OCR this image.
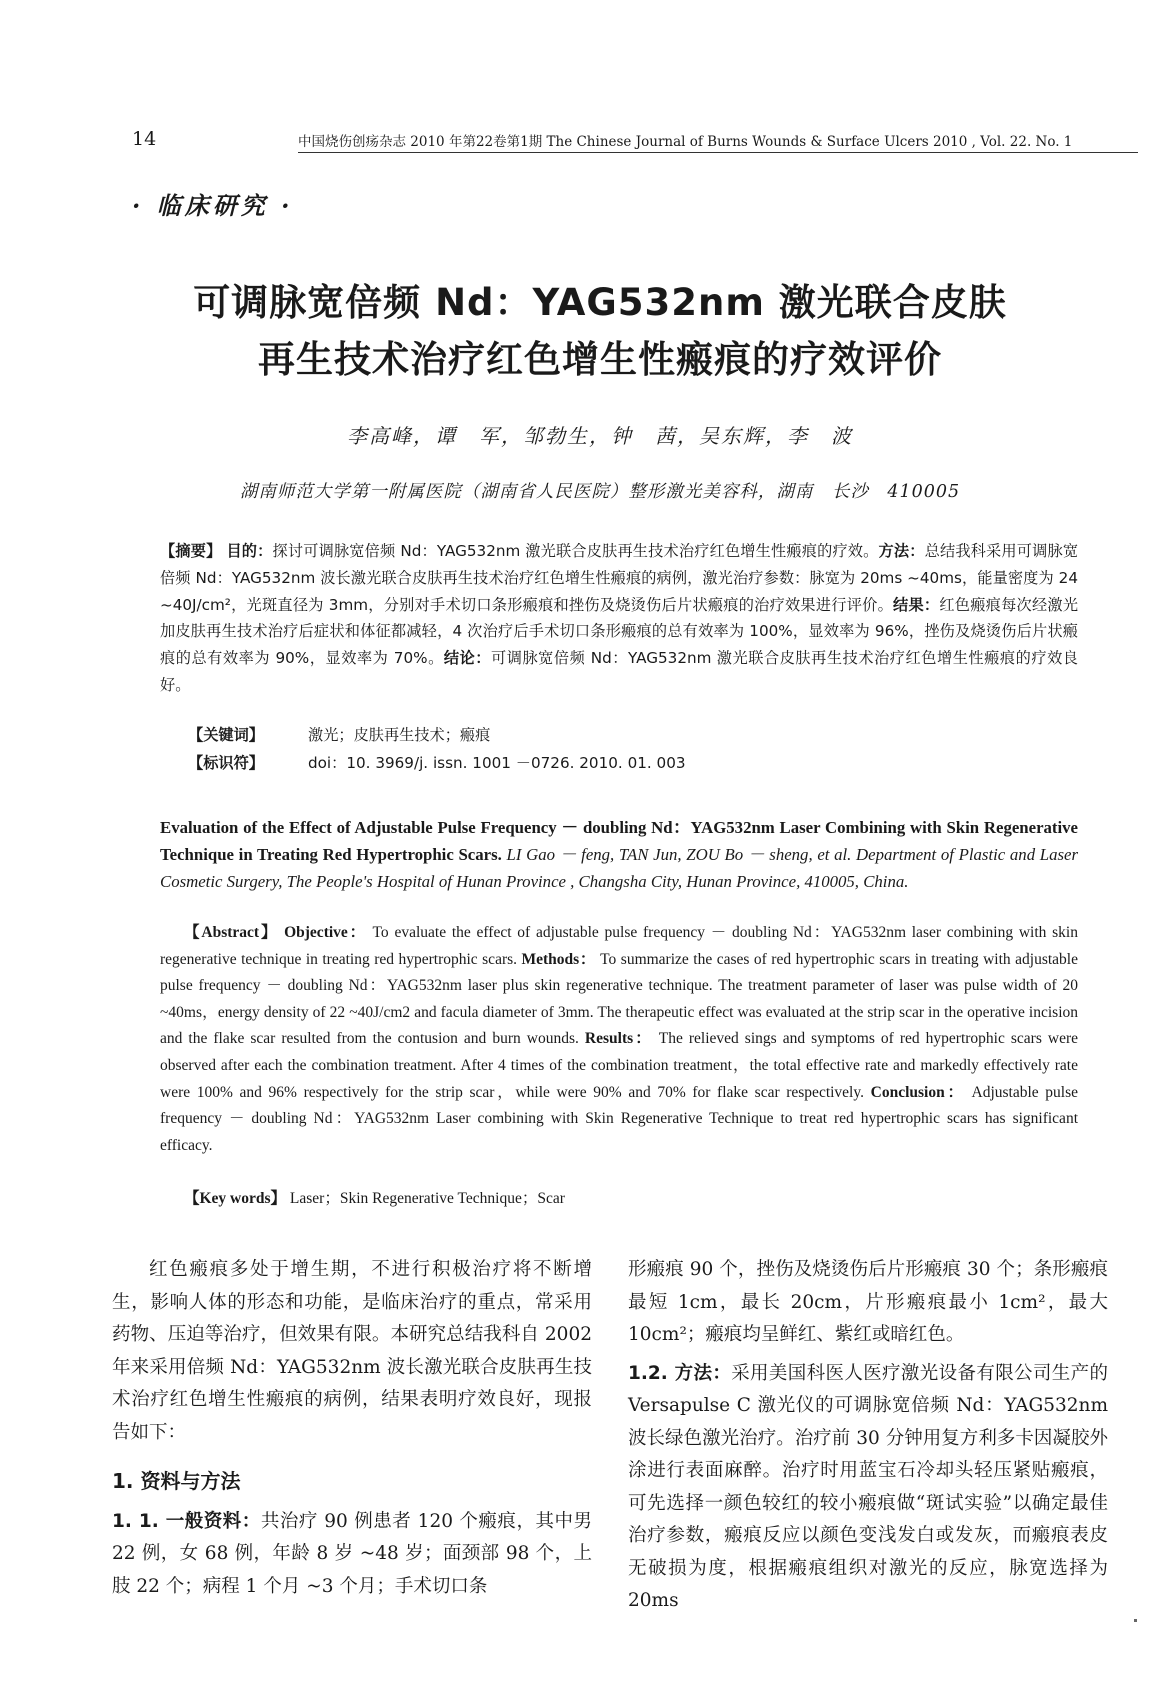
14	中国烧伤创疡杂志 2010 年第22卷第1期 The Chinese Journal of Burns Wounds & Surface Ulcers 2010 , Vol. 22. No. 1
· 临床研究 ·
可调脉宽倍频 Nd：YAG532nm 激光联合皮肤
再生技术治疗红色增生性瘢痕的疗效评价
李高峰，谭　军，邹勃生，钟　茜，吴东辉，李　波
湖南师范大学第一附属医院（湖南省人民医院）整形激光美容科，湖南　长沙　410005
【摘要】 目的：探讨可调脉宽倍频 Nd：YAG532nm 激光联合皮肤再生技术治疗红色增生性瘢痕的疗效。方法：总结我科采用可调脉宽倍频 Nd：YAG532nm 波长激光联合皮肤再生技术治疗红色增生性瘢痕的病例，激光治疗参数：脉宽为 20ms ~40ms，能量密度为 24 ~40J/cm²，光斑直径为 3mm，分别对手术切口条形瘢痕和挫伤及烧烫伤后片状瘢痕的治疗效果进行评价。结果：红色瘢痕每次经激光加皮肤再生技术治疗后症状和体征都减轻，4 次治疗后手术切口条形瘢痕的总有效率为 100%，显效率为 96%，挫伤及烧烫伤后片状瘢痕的总有效率为 90%，显效率为 70%。结论：可调脉宽倍频 Nd：YAG532nm 激光联合皮肤再生技术治疗红色增生性瘢痕的疗效良好。
【关键词】	激光；皮肤再生技术；瘢痕
【标识符】	doi：10. 3969/j. issn. 1001 －0726. 2010. 01. 003
Evaluation of the Effect of Adjustable Pulse Frequency － doubling Nd：YAG532nm Laser Combining with Skin Regenerative Technique in Treating Red Hypertrophic Scars. LI Gao － feng, TAN Jun, ZOU Bo － sheng, et al. Department of Plastic and Laser Cosmetic Surgery, The People's Hospital of Hunan Province , Changsha City, Hunan Province, 410005, China.
【Abstract】 Objective： To evaluate the effect of adjustable pulse frequency － doubling Nd：YAG532nm laser combining with skin regenerative technique in treating red hypertrophic scars. Methods： To summarize the cases of red hypertrophic scars in treating with adjustable pulse frequency － doubling Nd：YAG532nm laser plus skin regenerative technique. The treatment parameter of laser was pulse width of 20 ~40ms，energy density of 22 ~40J/cm2 and facula diameter of 3mm. The therapeutic effect was evaluated at the strip scar in the operative incision and the flake scar resulted from the contusion and burn wounds. Results： The relieved sings and symptoms of red hypertrophic scars were observed after each the combination treatment. After 4 times of the combination treatment，the total effective rate and markedly effectively rate were 100% and 96% respectively for the strip scar，while were 90% and 70% for flake scar respectively. Conclusion： Adjustable pulse frequency － doubling Nd：YAG532nm Laser combining with Skin Regenerative Technique to treat red hypertrophic scars has significant efficacy.
【Key words】 Laser；Skin Regenerative Technique；Scar
红色瘢痕多处于增生期，不进行积极治疗将不断增生，影响人体的形态和功能，是临床治疗的重点，常采用药物、压迫等治疗，但效果有限。本研究总结我科自 2002 年来采用倍频 Nd：YAG532nm 波长激光联合皮肤再生技术治疗红色增生性瘢痕的病例，结果表明疗效良好，现报告如下：
1. 资料与方法
1. 1. 一般资料：共治疗 90 例患者 120 个瘢痕，其中男 22 例，女 68 例，年龄 8 岁 ~48 岁；面颈部 98 个，上肢 22 个；病程 1 个月 ~3 个月；手术切口条
形瘢痕 90 个，挫伤及烧烫伤后片形瘢痕 30 个；条形瘢痕最短 1cm，最长 20cm，片形瘢痕最小 1cm²，最大 10cm²；瘢痕均呈鲜红、紫红或暗红色。
1.2. 方法：采用美国科医人医疗激光设备有限公司生产的 Versapulse C 激光仪的可调脉宽倍频 Nd：YAG532nm 波长绿色激光治疗。治疗前 30 分钟用复方利多卡因凝胶外涂进行表面麻醉。治疗时用蓝宝石冷却头轻压紧贴瘢痕，可先选择一颜色较红的较小瘢痕做“斑试实验”以确定最佳治疗参数，瘢痕反应以颜色变浅发白或发灰，而瘢痕表皮无破损为度，根据瘢痕组织对激光的反应，脉宽选择为 20ms
